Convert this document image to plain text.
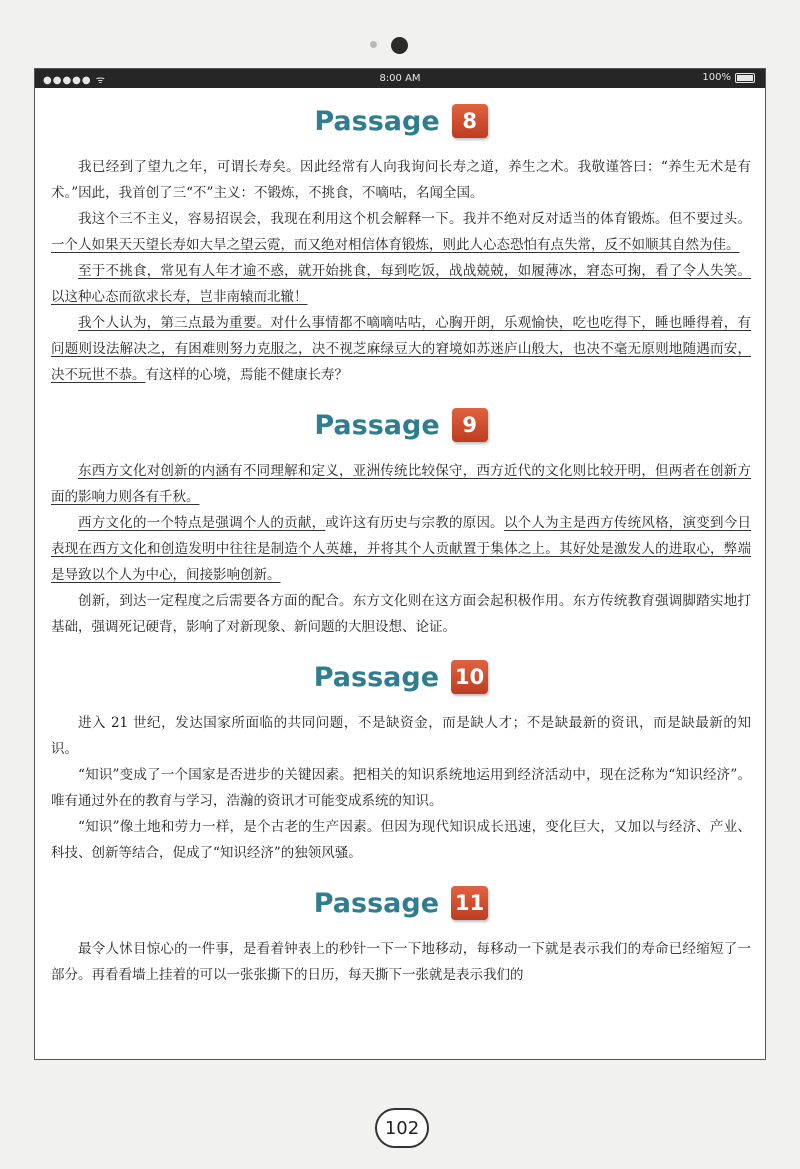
●●●●● ᯤ	8:00 AM	100%
Passage	8

我已经到了望九之年，可谓长寿矣。因此经常有人向我询问长寿之道，养生之术。我敬谨答曰：“养生无术是有术。”因此，我首创了三“不”主义：不锻炼，不挑食，不嘀咕，名闻全国。

我这个三不主义，容易招误会，我现在利用这个机会解释一下。我并不绝对反对适当的体育锻炼。但不要过头。一个人如果天天望长寿如大旱之望云霓，而又绝对相信体育锻炼，则此人心态恐怕有点失常，反不如顺其自然为佳。

至于不挑食，常见有人年才逾不惑，就开始挑食，每到吃饭，战战兢兢，如履薄冰，窘态可掬，看了令人失笑。以这种心态而欲求长寿，岂非南辕而北辙！

我个人认为，第三点最为重要。对什么事情都不嘀嘀咕咕，心胸开朗，乐观愉快，吃也吃得下，睡也睡得着，有问题则设法解决之，有困难则努力克服之，决不视芝麻绿豆大的窘境如苏迷庐山般大，也决不毫无原则地随遇而安，决不玩世不恭。有这样的心境，焉能不健康长寿？

Passage	9

东西方文化对创新的内涵有不同理解和定义，亚洲传统比较保守，西方近代的文化则比较开明，但两者在创新方面的影响力则各有千秋。

西方文化的一个特点是强调个人的贡献，或许这有历史与宗教的原因。以个人为主是西方传统风格，演变到今日表现在西方文化和创造发明中往往是制造个人英雄，并将其个人贡献置于集体之上。其好处是激发人的进取心，弊端是导致以个人为中心，间接影响创新。

创新，到达一定程度之后需要各方面的配合。东方文化则在这方面会起积极作用。东方传统教育强调脚踏实地打基础，强调死记硬背，影响了对新现象、新问题的大胆设想、论证。

Passage 10

进入 21 世纪，发达国家所面临的共同问题，不是缺资金，而是缺人才；不是缺最新的资讯，而是缺最新的知识。

“知识”变成了一个国家是否进步的关键因素。把相关的知识系统地运用到经济活动中，现在泛称为“知识经济”。唯有通过外在的教育与学习，浩瀚的资讯才可能变成系统的知识。

“知识”像土地和劳力一样，是个古老的生产因素。但因为现代知识成长迅速，变化巨大，又加以与经济、产业、科技、创新等结合，促成了“知识经济”的独领风骚。

Passage 11

最令人怵目惊心的一件事，是看着钟表上的秒针一下一下地移动，每移动一下就是表示我们的寿命已经缩短了一部分。再看看墙上挂着的可以一张张撕下的日历，每天撕下一张就是表示我们的

102
